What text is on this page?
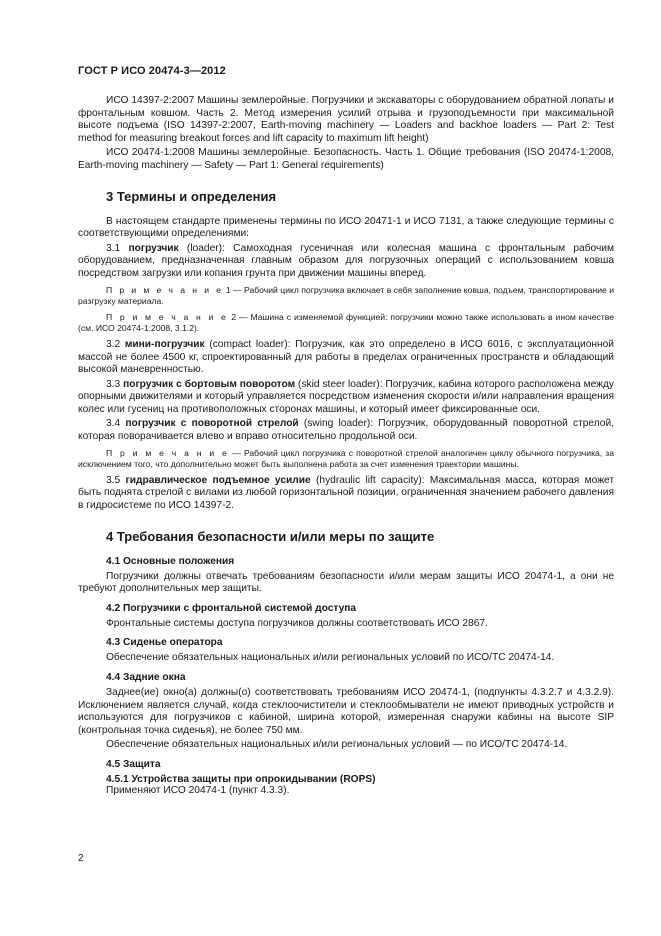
ГОСТ Р ИСО 20474-3—2012

ИСО 14397-2:2007 Машины землеройные. Погрузчики и экскаваторы с оборудованием обратной лопаты и фронтальным ковшом. Часть 2. Метод измерения усилий отрыва и грузоподъемности при максимальной высоте подъема (ISO 14397-2:2007, Earth-moving machinery — Loaders and backhoe loaders — Part 2: Test method for measuring breakout forces and lift capacity to maximum lift height)

ИСО 20474-1:2008 Машины землеройные. Безопасность. Часть 1. Общие требования (ISO 20474-1:2008, Earth-moving machinery — Safety — Part 1: General requirements)

3 Термины и определения

В настоящем стандарте применены термины по ИСО 20471-1 и ИСО 7131, а также следующие термины с соответствующими определениями:

3.1 погрузчик (loader): Самоходная гусеничная или колесная машина с фронтальным рабочим оборудованием, предназначенная главным образом для погрузочных операций с использованием ковша посредством загрузки или копания грунта при движении машины вперед.

П р и м е ч а н и е 1 — Рабочий цикл погрузчика включает в себя заполнение ковша, подъем, транспортирование и разгрузку материала.

П р и м е ч а н и е 2 — Машина с изменяемой функцией: погрузчики можно также использовать в ином качестве (см. ИСО 20474-1:2008, 3.1.2).

3.2 мини-погрузчик (compact loader): Погрузчик, как это определено в ИСО 6016, с эксплуатационной массой не более 4500 кг, спроектированный для работы в пределах ограниченных пространств и обладающий высокой маневренностью.

3.3 погрузчик с бортовым поворотом (skid steer loader): Погрузчик, кабина которого расположена между опорными движителями и который управляется посредством изменения скорости и/или направления вращения колес или гусениц на противоположных сторонах машины, и который имеет фиксированные оси.

3.4 погрузчик с поворотной стрелой (swing loader): Погрузчик, оборудованный поворотной стрелой, которая поворачивается влево и вправо относительно продольной оси.

П р и м е ч а н и е — Рабочий цикл погрузчика с поворотной стрелой аналогичен циклу обычного погрузчика, за исключением того, что дополнительно может быть выполнена работа за счет изменения траектории машины.

3.5 гидравлическое подъемное усилие (hydraulic lift capacity): Максимальная масса, которая может быть поднята стрелой с вилами из любой горизонтальной позиции, ограниченная значением рабочего давления в гидросистеме по ИСО 14397-2.

4 Требования безопасности и/или меры по защите
4.1 Основные положения

Погрузчики должны отвечать требованиям безопасности и/или мерам защиты ИСО 20474-1, а они не требуют дополнительных мер защиты.

4.2 Погрузчики с фронтальной системой доступа

Фронтальные системы доступа погрузчиков должны соответствовать ИСО 2867.

4.3 Сиденье оператора

Обеспечение обязательных национальных и/или региональных условий по ИСО/ТС 20474-14.

4.4 Задние окна

Заднее(ие) окно(а) должны(о) соответствовать требованиям ИСО 20474-1, (подпункты 4.3.2.7 и 4.3.2.9). Исключением является случай, когда стеклоочистители и стеклообмыватели не имеют приводных устройств и используются для погрузчиков с кабиной, ширина которой, измеренная снаружи кабины на высоте SIP (контрольная точка сиденья), не более 750 мм.

Обеспечение обязательных национальных и/или региональных условий — по ИСО/ТС 20474-14.

4.5 Защита
4.5.1 Устройства защиты при опрокидывании (ROPS)

Применяют ИСО 20474-1 (пункт 4.3.3).

2
